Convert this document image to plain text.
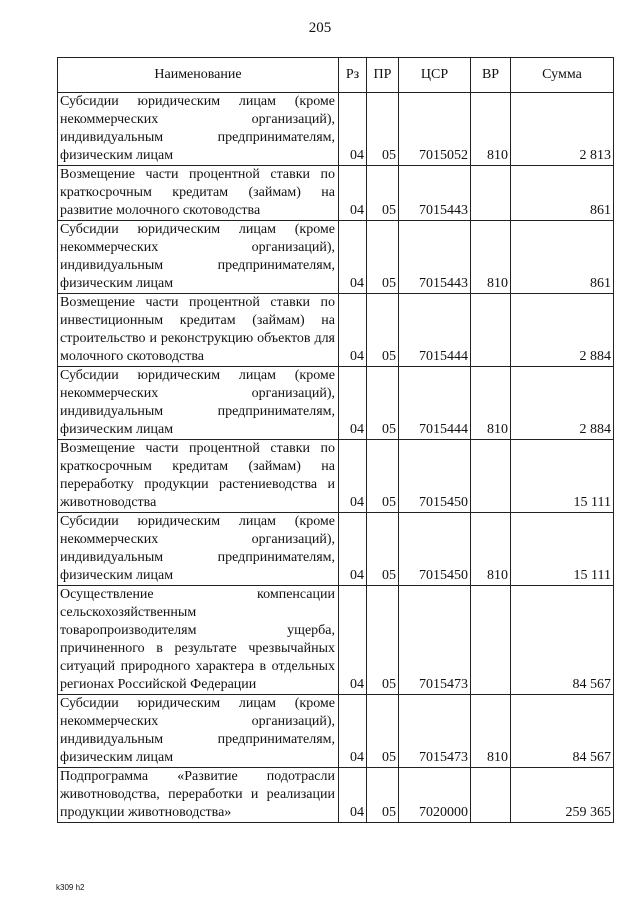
205
Наименование	Рз	ПР	ЦСР	ВР	Сумма
Субсидии юридическим лицам (кроме некоммерческих организаций), индивидуальным предпринимателям, физическим лицам	04	05	7015052	810	2 813
Возмещение части процентной ставки по краткосрочным кредитам (займам) на развитие молочного скотоводства	04	05	7015443		861
Субсидии юридическим лицам (кроме некоммерческих организаций), индивидуальным предпринимателям, физическим лицам	04	05	7015443	810	861
Возмещение части процентной ставки по инвестиционным кредитам (займам) на строительство и реконструкцию объектов для молочного скотоводства	04	05	7015444		2 884
Субсидии юридическим лицам (кроме некоммерческих организаций), индивидуальным предпринимателям, физическим лицам	04	05	7015444	810	2 884
Возмещение части процентной ставки по краткосрочным кредитам (займам) на переработку продукции растениеводства и животноводства	04	05	7015450		15 111
Субсидии юридическим лицам (кроме некоммерческих организаций), индивидуальным предпринимателям, физическим лицам	04	05	7015450	810	15 111
Осуществление компенсации сельскохозяйственным товаропроизводителям ущерба, причиненного в результате чрезвычайных ситуаций природного характера в отдельных регионах Российской Федерации	04	05	7015473		84 567
Субсидии юридическим лицам (кроме некоммерческих организаций), индивидуальным предпринимателям, физическим лицам	04	05	7015473	810	84 567
Подпрограмма «Развитие подотрасли животноводства, переработки и реализации продукции животноводства»	04	05	7020000		259 365
k309 h2
